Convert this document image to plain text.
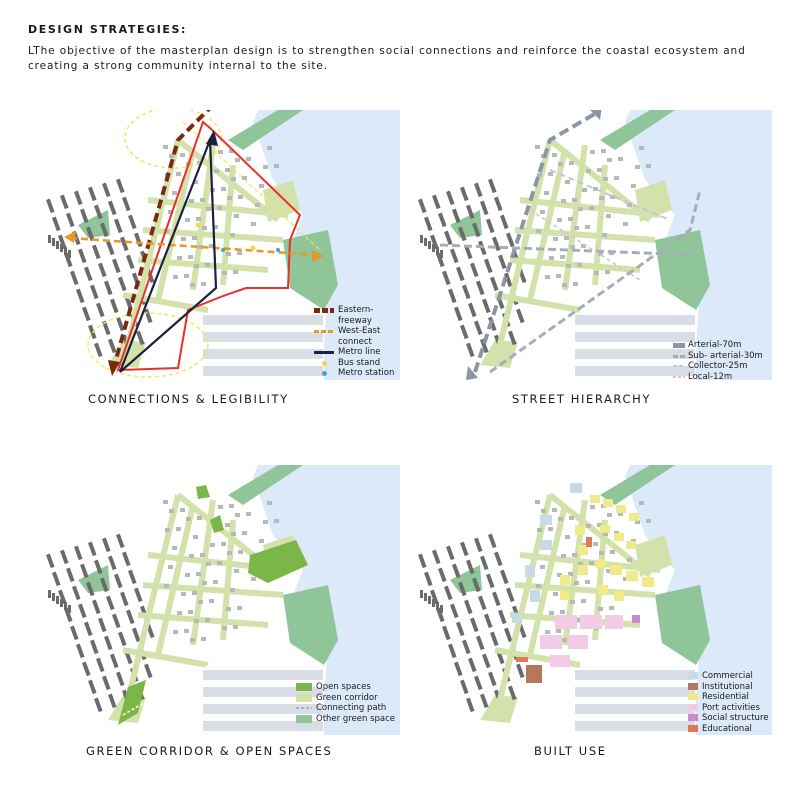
DESIGN STRATEGIES:
LThe objective of the masterplan design is to strengthen social connections and reinforce the coastal ecosystem and creating a strong community internal to the site.
CONNECTIONS & LEGIBILITY
Eastern-
freeway
West-East
connect
Metro line
Bus stand
Metro station
STREET HIERARCHY
Arterial-70m
Sub- arterial-30m
Collector-25m
Local-12m
GREEN CORRIDOR & OPEN SPACES
Open spaces
Green corridor
Connecting path
Other green space
BUILT USE
Commercial
Institutional
Residential
Port activities
Social structure
Educational
